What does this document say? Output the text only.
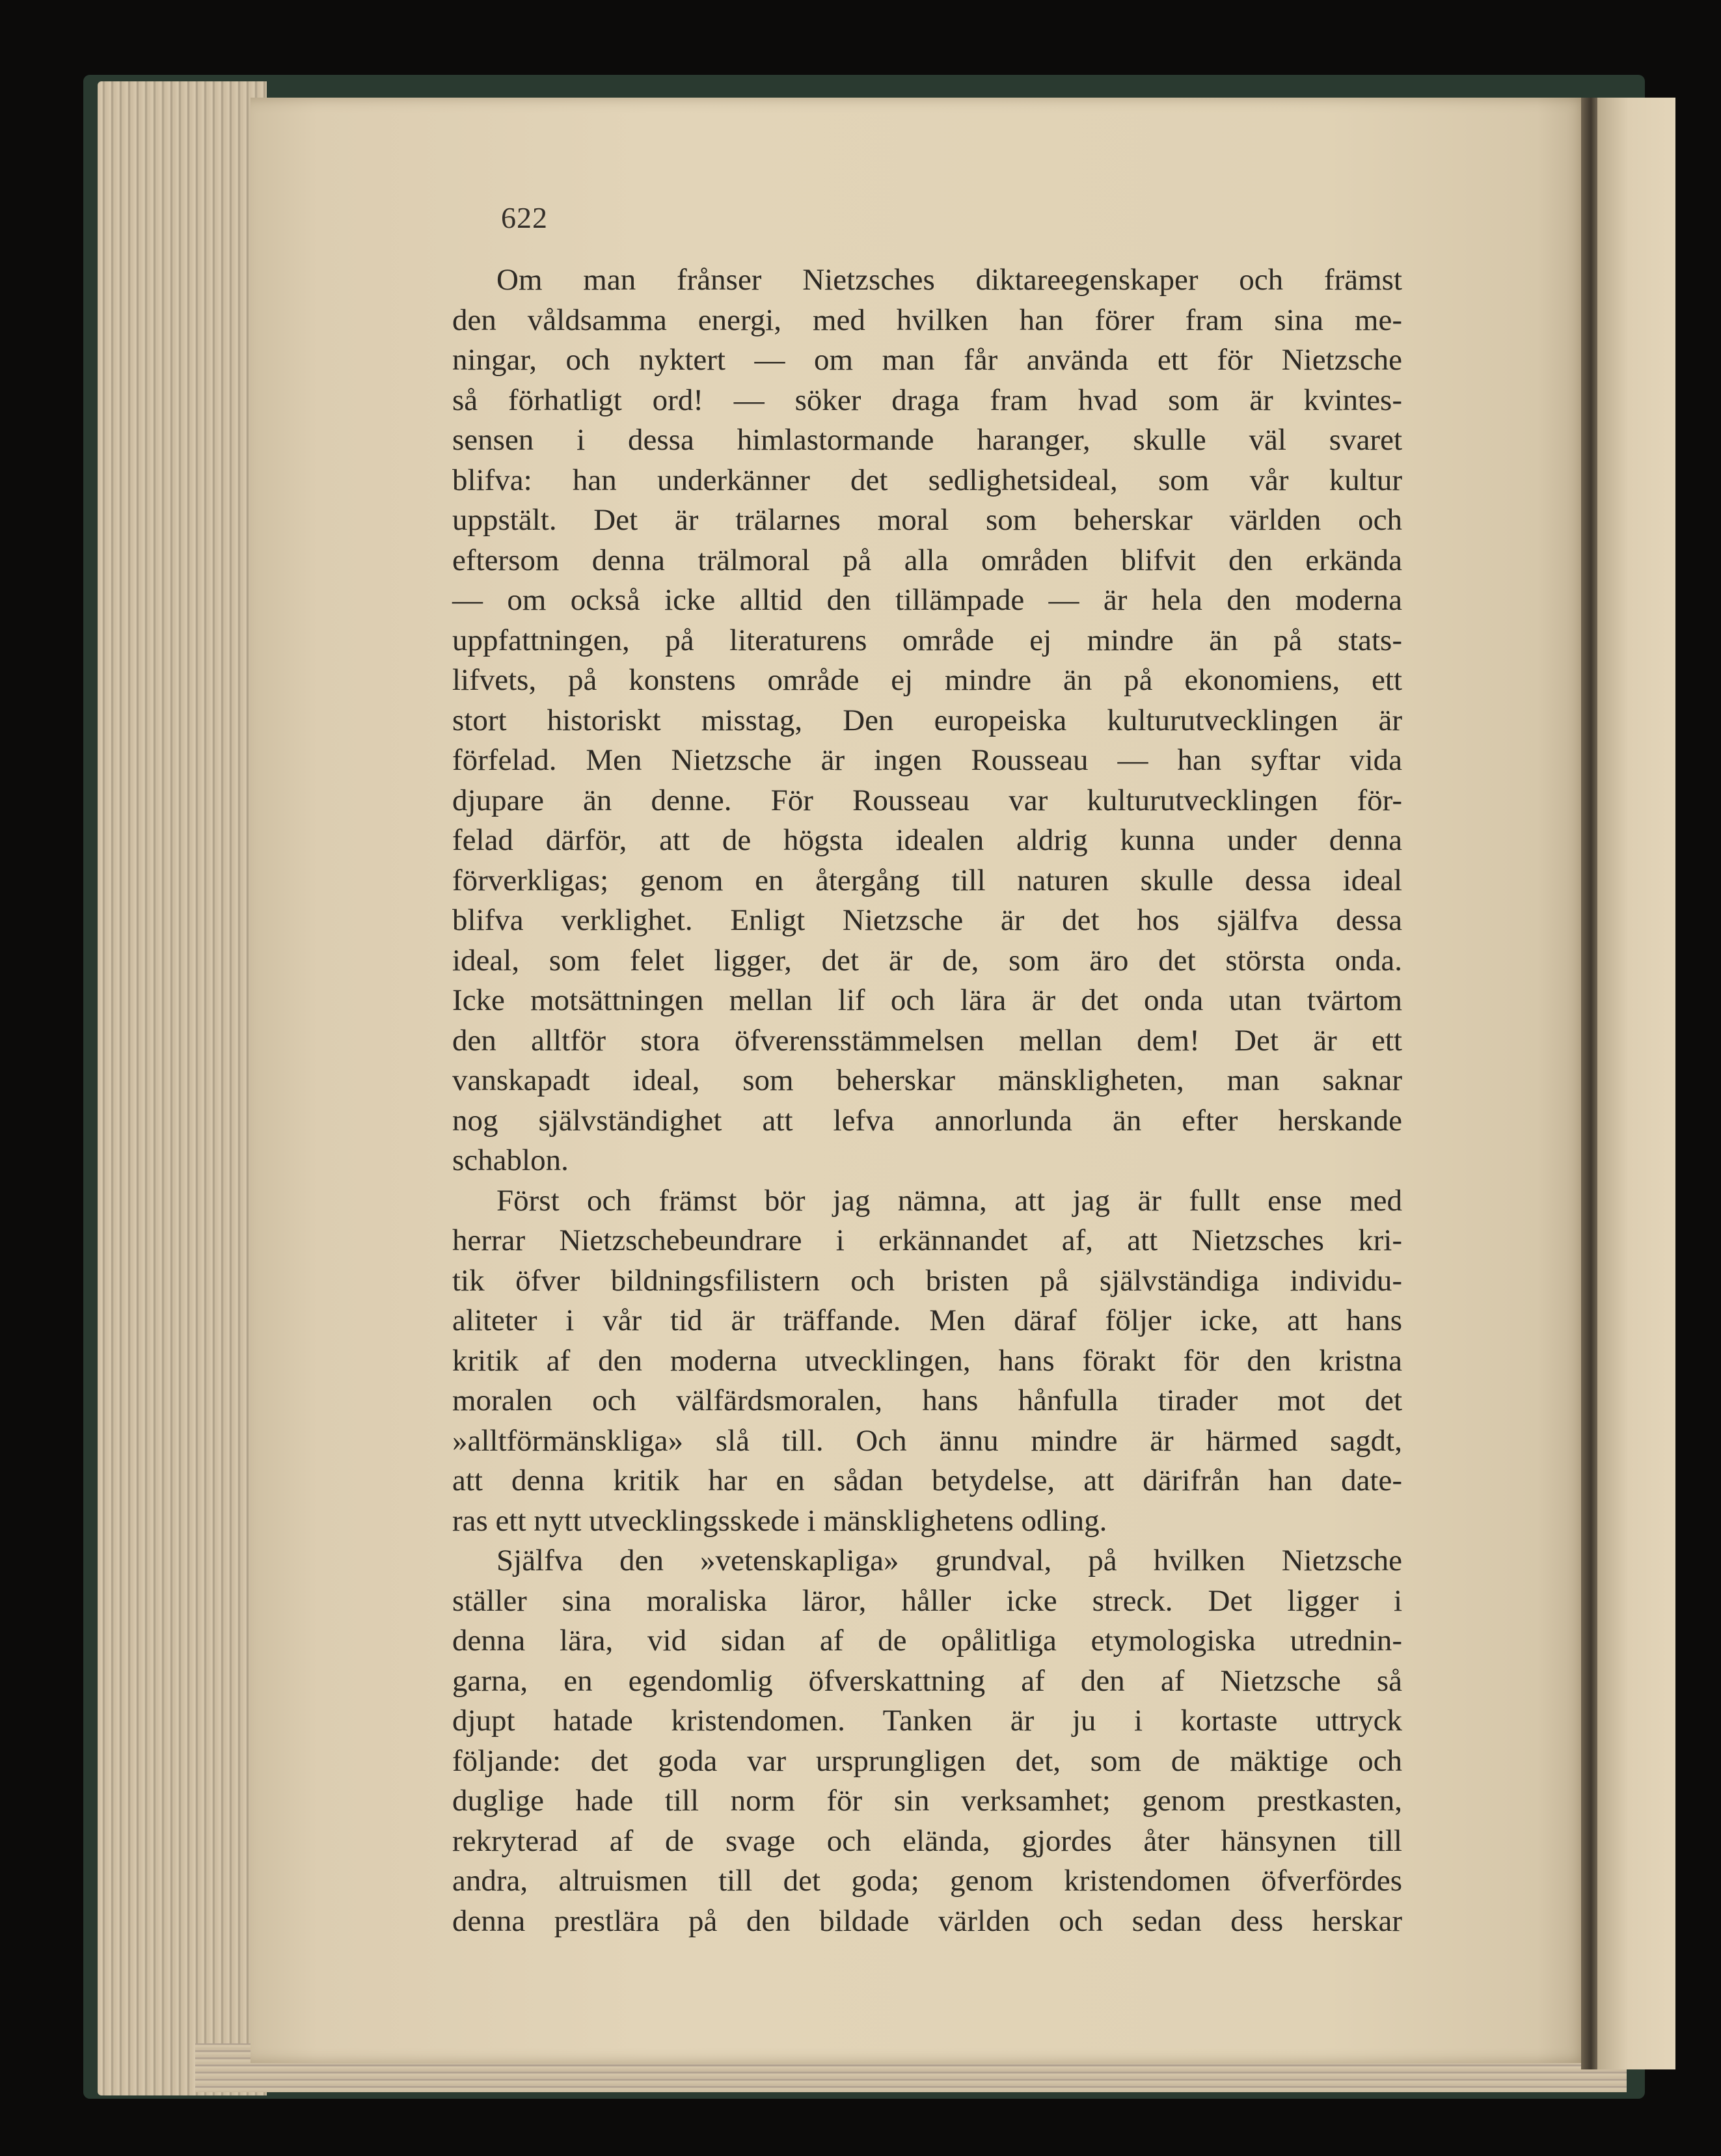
622
Om man frånser Nietzsches diktareegenskaper och främst
den våldsamma energi, med hvilken han förer fram sina me-
ningar, och nyktert — om man får använda ett för Nietzsche
så förhatligt ord! — söker draga fram hvad som är kvintes-
sensen i dessa himlastormande haranger, skulle väl svaret
blifva: han underkänner det sedlighetsideal, som vår kultur
uppstält. Det är trälarnes moral som beherskar världen och
eftersom denna trälmoral på alla områden blifvit den erkända
— om också icke alltid den tillämpade — är hela den moderna
uppfattningen, på literaturens område ej mindre än på stats-
lifvets, på konstens område ej mindre än på ekonomiens, ett
stort historiskt misstag, Den europeiska kulturutvecklingen är
förfelad. Men Nietzsche är ingen Rousseau — han syftar vida
djupare än denne. För Rousseau var kulturutvecklingen för-
felad därför, att de högsta idealen aldrig kunna under denna
förverkligas; genom en återgång till naturen skulle dessa ideal
blifva verklighet. Enligt Nietzsche är det hos själfva dessa
ideal, som felet ligger, det är de, som äro det största onda.
Icke motsättningen mellan lif och lära är det onda utan tvärtom
den alltför stora öfverensstämmelsen mellan dem! Det är ett
vanskapadt ideal, som beherskar mänskligheten, man saknar
nog självständighet att lefva annorlunda än efter herskande
schablon.
Först och främst bör jag nämna, att jag är fullt ense med
herrar Nietzschebeundrare i erkännandet af, att Nietzsches kri-
tik öfver bildningsfilistern och bristen på självständiga individu-
aliteter i vår tid är träffande. Men däraf följer icke, att hans
kritik af den moderna utvecklingen, hans förakt för den kristna
moralen och välfärdsmoralen, hans hånfulla tirader mot det
»alltförmänskliga» slå till. Och ännu mindre är härmed sagdt,
att denna kritik har en sådan betydelse, att därifrån han date-
ras ett nytt utvecklingsskede i mänsklighetens odling.
Själfva den »vetenskapliga» grundval, på hvilken Nietzsche
ställer sina moraliska läror, håller icke streck. Det ligger i
denna lära, vid sidan af de opålitliga etymologiska utrednin-
garna, en egendomlig öfverskattning af den af Nietzsche så
djupt hatade kristendomen. Tanken är ju i kortaste uttryck
följande: det goda var ursprungligen det, som de mäktige och
duglige hade till norm för sin verksamhet; genom prestkasten,
rekryterad af de svage och elända, gjordes åter hänsynen till
andra, altruismen till det goda; genom kristendomen öfverfördes
denna prestlära på den bildade världen och sedan dess herskar
